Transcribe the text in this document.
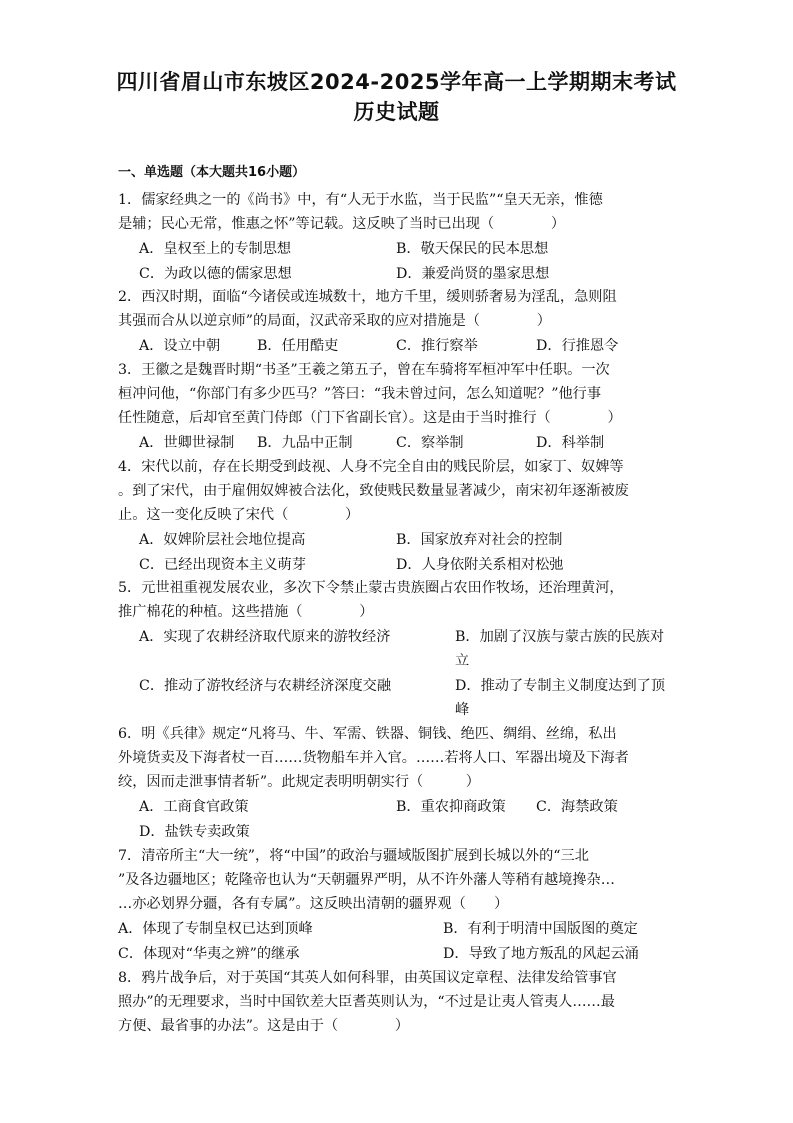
四川省眉山市东坡区2024-2025学年高一上学期期末考试
历史试题
一、单选题（本大题共16小题）

1．儒家经典之一的《尚书》中，有“人无于水监，当于民监”“皇天无亲，惟德

是辅；民心无常，惟惠之怀”等记载。这反映了当时已出现（　　　　）

A．皇权至上的专制思想	B．敬天保民的民本思想
C．为政以德的儒家思想	D．兼爱尚贤的墨家思想

2．西汉时期，面临“今诸侯或连城数十，地方千里，缓则骄奢易为淫乱，急则阻

其强而合从以逆京师”的局面，汉武帝采取的应对措施是（　　　　）

A．设立中朝	B．任用酷吏	C．推行察举	D．行推恩令

3．王徽之是魏晋时期“书圣”王羲之第五子，曾在车骑将军桓冲军中任职。一次

桓冲问他，“你部门有多少匹马？”答曰：“我未曾过问，怎么知道呢？”他行事

任性随意，后却官至黄门侍郎（门下省副长官）。这是由于当时推行（　　　　）

A．世卿世禄制 B．九品中正制	C．察举制	D．科举制

4．宋代以前，存在长期受到歧视、人身不完全自由的贱民阶层，如家丁、奴婢等

。到了宋代，由于雇佣奴婢被合法化，致使贱民数量显著减少，南宋初年逐渐被废

止。这一变化反映了宋代（　　　　）

A．奴婢阶层社会地位提高	B．国家放弃对社会的控制
C．已经出现资本主义萌芽	D．人身依附关系相对松弛

5．元世祖重视发展农业，多次下令禁止蒙古贵族圈占农田作牧场，还治理黄河，

推广棉花的种植。这些措施（　　　　）

A．实现了农耕经济取代原来的游牧经济	B．加剧了汉族与蒙古族的民族对立
C．推动了游牧经济与农耕经济深度交融	D．推动了专制主义制度达到了顶峰

6．明《兵律》规定“凡将马、牛、军需、铁器、铜钱、绝匹、绸绢、丝绵，私出

外境货卖及下海者杖一百……货物船车并入官。……若将人口、军器出境及下海者

绞，因而走泄事情者斩”。此规定表明明朝实行（　　　）

A．工商食官政策	B．重农抑商政策 C．海禁政策
D．盐铁专卖政策

7．清帝所主“大一统”，将“中国”的政治与疆域版图扩展到长城以外的“三北

”及各边疆地区；乾隆帝也认为“天朝疆界严明，从不许外藩人等稍有越境搀杂…

…亦必划界分疆，各有专属”。这反映出清朝的疆界观（　　）

A．体现了专制皇权已达到顶峰	B．有利于明清中国版图的奠定
C．体现对“华夷之辨”的继承	D．导致了地方叛乱的风起云涌

8．鸦片战争后，对于英国“其英人如何科罪，由英国议定章程、法律发给管事官

照办”的无理要求，当时中国钦差大臣耆英则认为，“不过是让夷人管夷人……最

方便、最省事的办法”。这是由于（　　　　）
